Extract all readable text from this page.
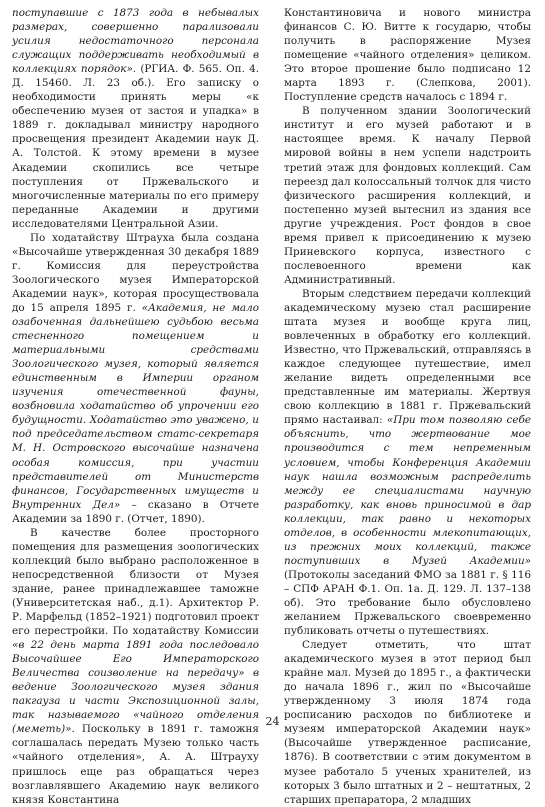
поступавшие с 1873 года в небывалых размерах, совершенно парализовали усилия недостаточного персонала служащих поддерживать необходимый в коллекциях порядок». (РГИА. Ф. 565. Оп. 4. Д. 15460. Л. 23 об.). Его записку о необходимости принять меры «к обеспечению музея от застоя и упадка» в 1889 г. докладывал министру народного просвещения президент Академии наук Д. А. Толстой. К этому времени в музее Академии скопились все четыре поступления от Пржевальского и многочисленные материалы по его примеру переданные Академии и другими исследователями Центральной Азии.

По ходатайству Штрауха была создана «Высочайше утвержденная 30 декабря 1889 г. Комиссия для переустройства Зоологического музея Императорской Академии наук», которая просуществовала до 15 апреля 1895 г. «Академия, не мало озабоченная дальнейшею судьбою весьма стесненного помещением и материальными средствами Зоологического музея, который является единственным в Империи органом изучения отечественной фауны, возбновила ходатайство об упрочении его будущности. Ходатайство это уважено, и под председательством статс-секретаря М. Н. Островского высочайше назначена особая комиссия, при участии представителей от Министерств финансов, Государственных имуществ и Внутренних Дел» – сказано в Отчете Академии за 1890 г. (Отчет, 1890).

В качестве более просторного помещения для размещения зоологических коллекций было выбрано расположенное в непосредственной близости от Музея здание, ранее принадлежавшее таможне (Университетская наб., д.1). Архитектор Р. Р. Марфельд (1852–1921) подготовил проект его перестройки. По ходатайству Комиссии «в 22 день марта 1891 года последовало Высочайшее Его Императорского Величества соизволение на передачу» в ведение Зоологического музея здания пакгауза и части Экспозиционной залы, так называемого «чайного отделения (меметь)». Поскольку в 1891 г. таможня соглашалась передать Музею только часть «чайного отделения», А. А. Штрауху пришлось еще раз обращаться через возглавлявшего Академию наук великого князя Константина

Константиновича и нового министра финансов С. Ю. Витте к государю, чтобы получить в распоряжение Музея помещение «чайного отделения» целиком. Это второе прошение было подписано 12 марта 1893 г. (Слепкова, 2001). Поступление средств началось с 1894 г.

В полученном здании Зоологический институт и его музей работают и в настоящее время. К началу Первой мировой войны в нем успели надстроить третий этаж для фондовых коллекций. Сам переезд дал колоссальный толчок для чисто физического расширения коллекций, и постепенно музей вытеснил из здания все другие учреждения. Рост фондов в свое время привел к присоединению к музею Приневского корпуса, известного с послевоенного времени как Административный.

Вторым следствием передачи коллекций академическому музею стал расширение штата музея и вообще круга лиц, вовлеченных в обработку его коллекций. Известно, что Пржевальский, отправляясь в каждое следующее путешествие, имел желание видеть определенными все представленные им материалы. Жертвуя свою коллекцию в 1881 г. Пржевальский прямо настаивал: «При том позволяю себе объяснить, что жертвование мое производится с тем непременным условием, чтобы Конференция Академии наук нашла возможным распределить между ее специалистами научную разработку, как вновь приносимой в дар коллекции, так равно и некоторых отделов, в особенности млекопитающих, из прежних моих коллекций, также поступивших в Музей Академии» (Протоколы заседаний ФМО за 1881 г. § 116 – СПФ АРАН Ф.1. Оп. 1а. Д. 129. Л. 137–138 об). Это требование было обусловлено желанием Пржевальского своевременно публиковать отчеты о путешествиях.

Следует отметить, что штат академического музея в этот период был крайне мал. Музей до 1895 г., а фактически до начала 1896 г., жил по «Высочайше утвержденному 3 июля 1874 года росписанию расходов по библиотеке и музеям императорской Академии наук» (Высочайше утвержденное расписание, 1876). В соответствии с этим документом в музее работало 5 ученых хранителей, из которых 3 было штатных и 2 – нештатных, 2 старших препаратора, 2 младших

24
